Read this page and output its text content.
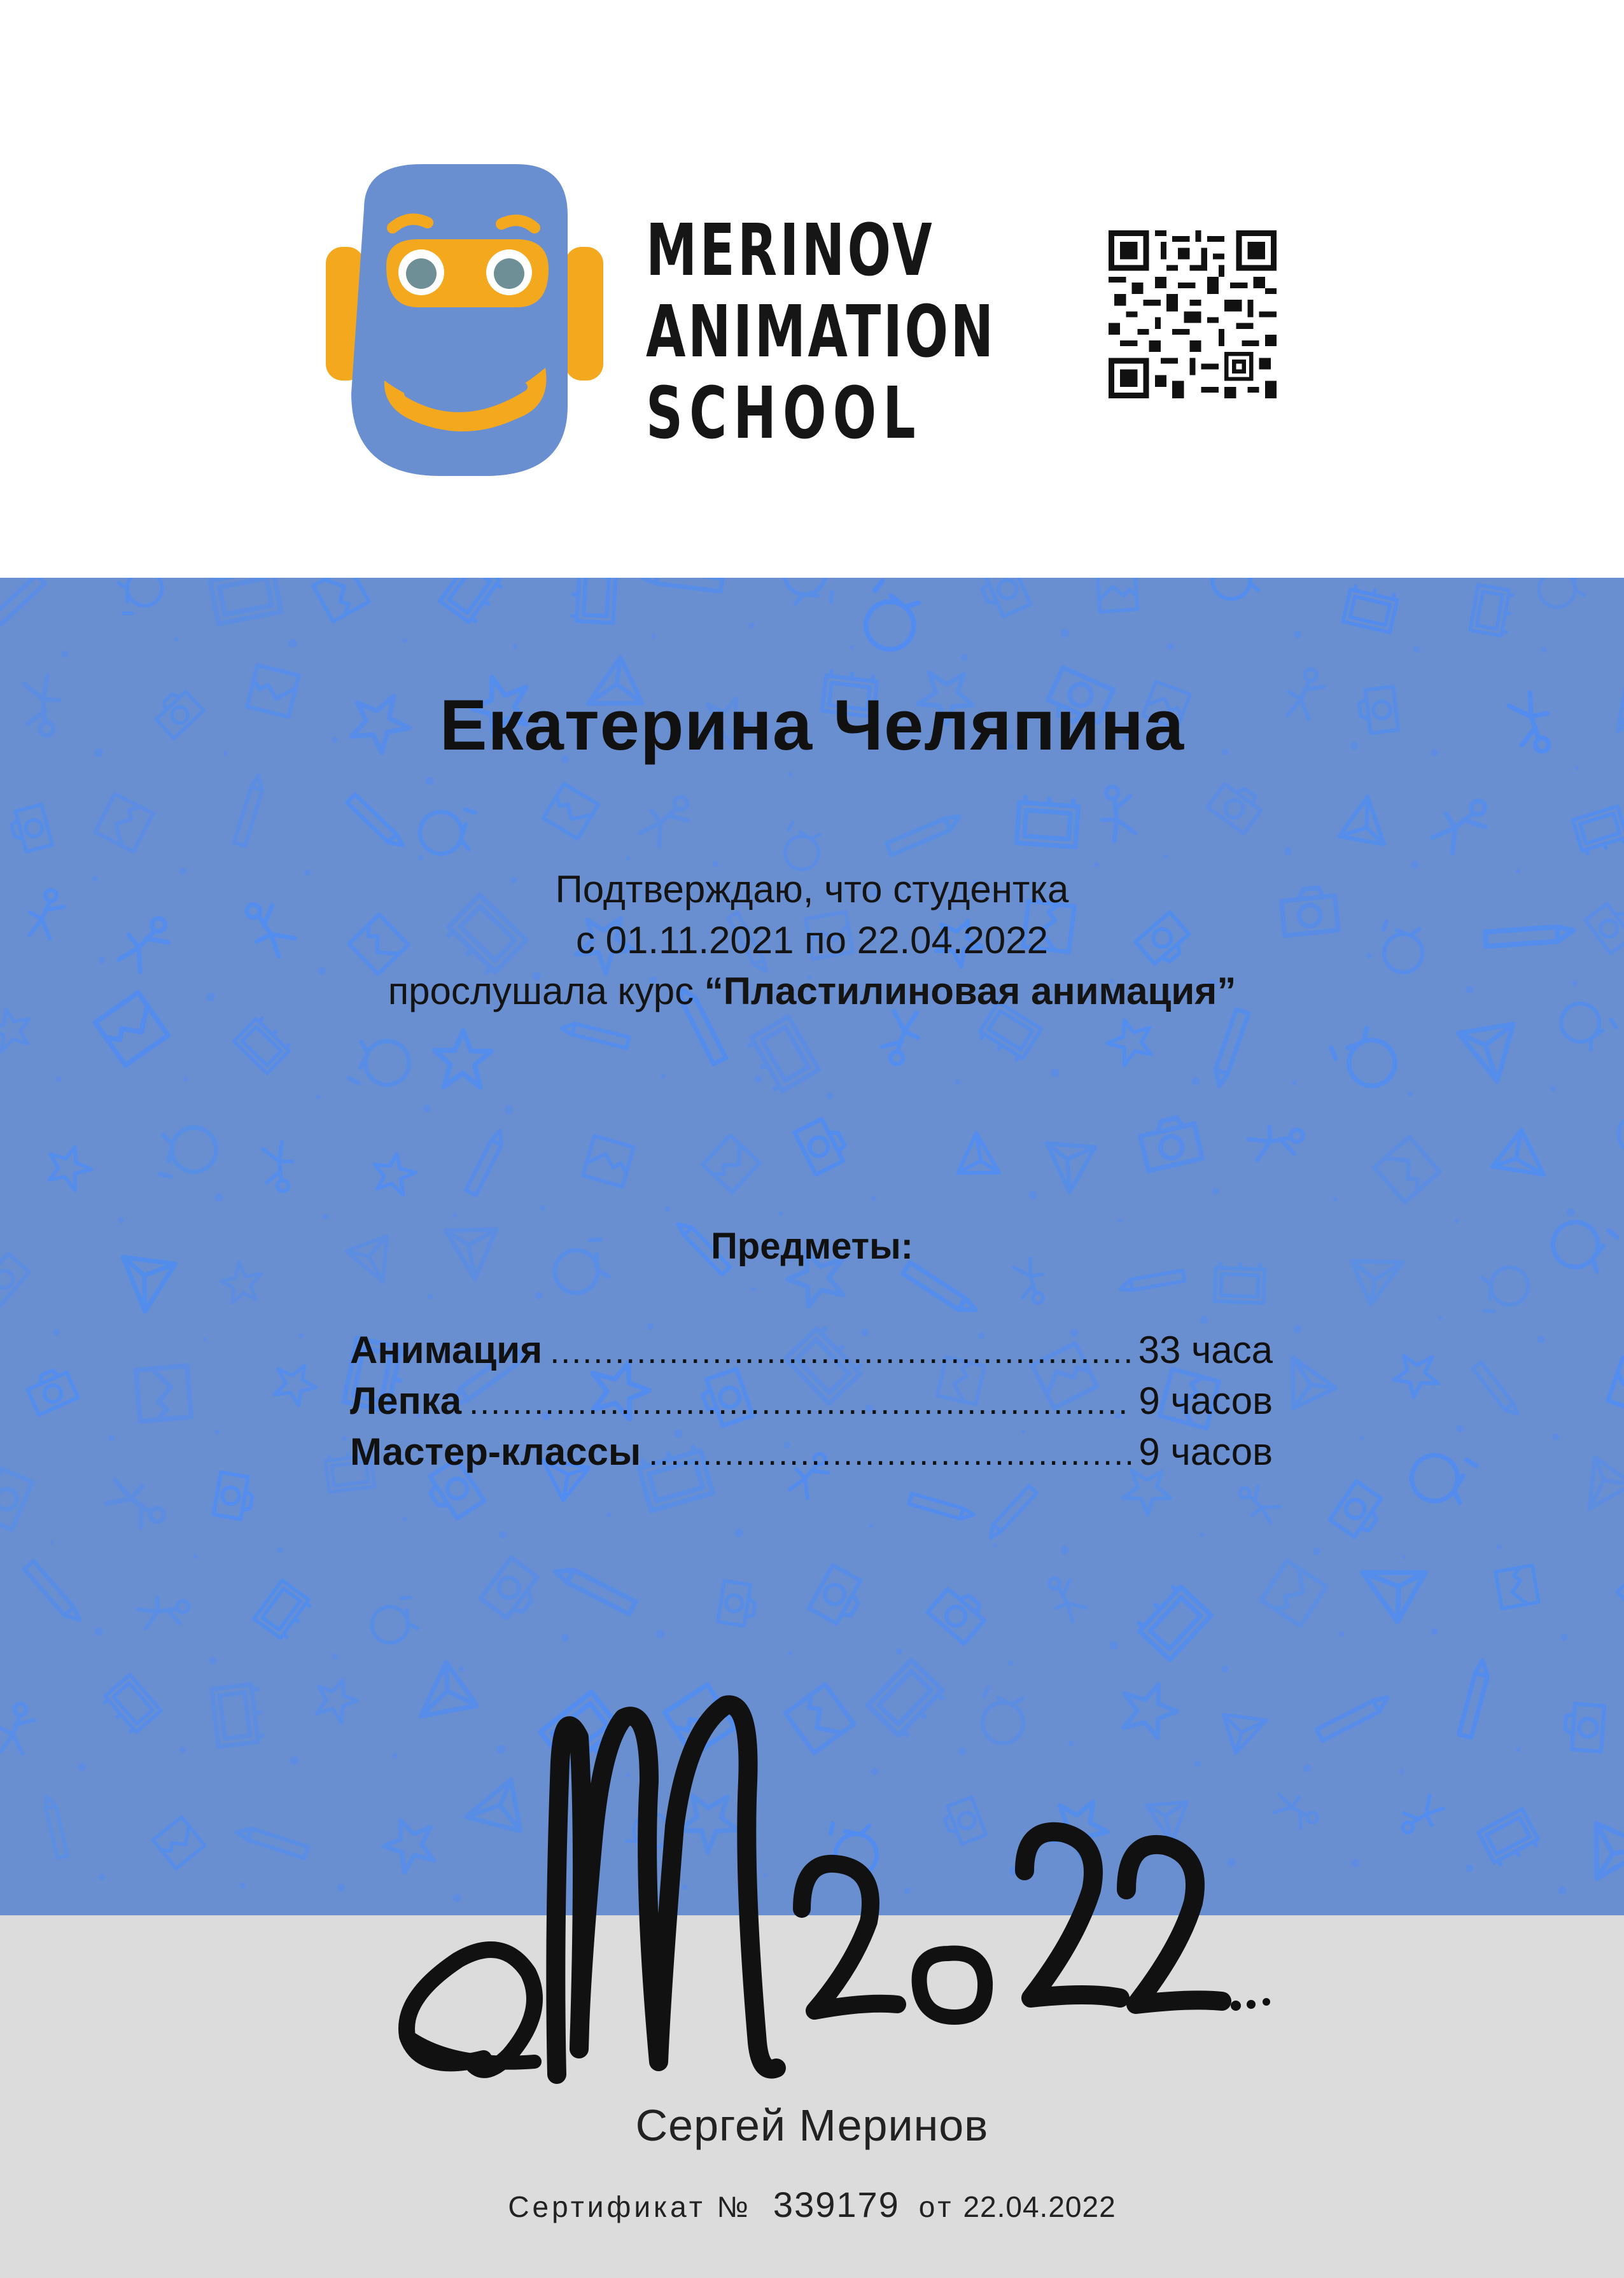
MERINOV
ANIMATION
SCHOOL
Екатерина Челяпина
Подтверждаю, что студентка
с 01.11.2021 по 22.04.2022
прослушала курс “Пластилиновая анимация”
Предметы:
Анимация .....	33 часа
Лепка .....	9 часов
Мастер-классы .....	9 часов
Сергей Меринов
Сертификат № 339179 от 22.04.2022
